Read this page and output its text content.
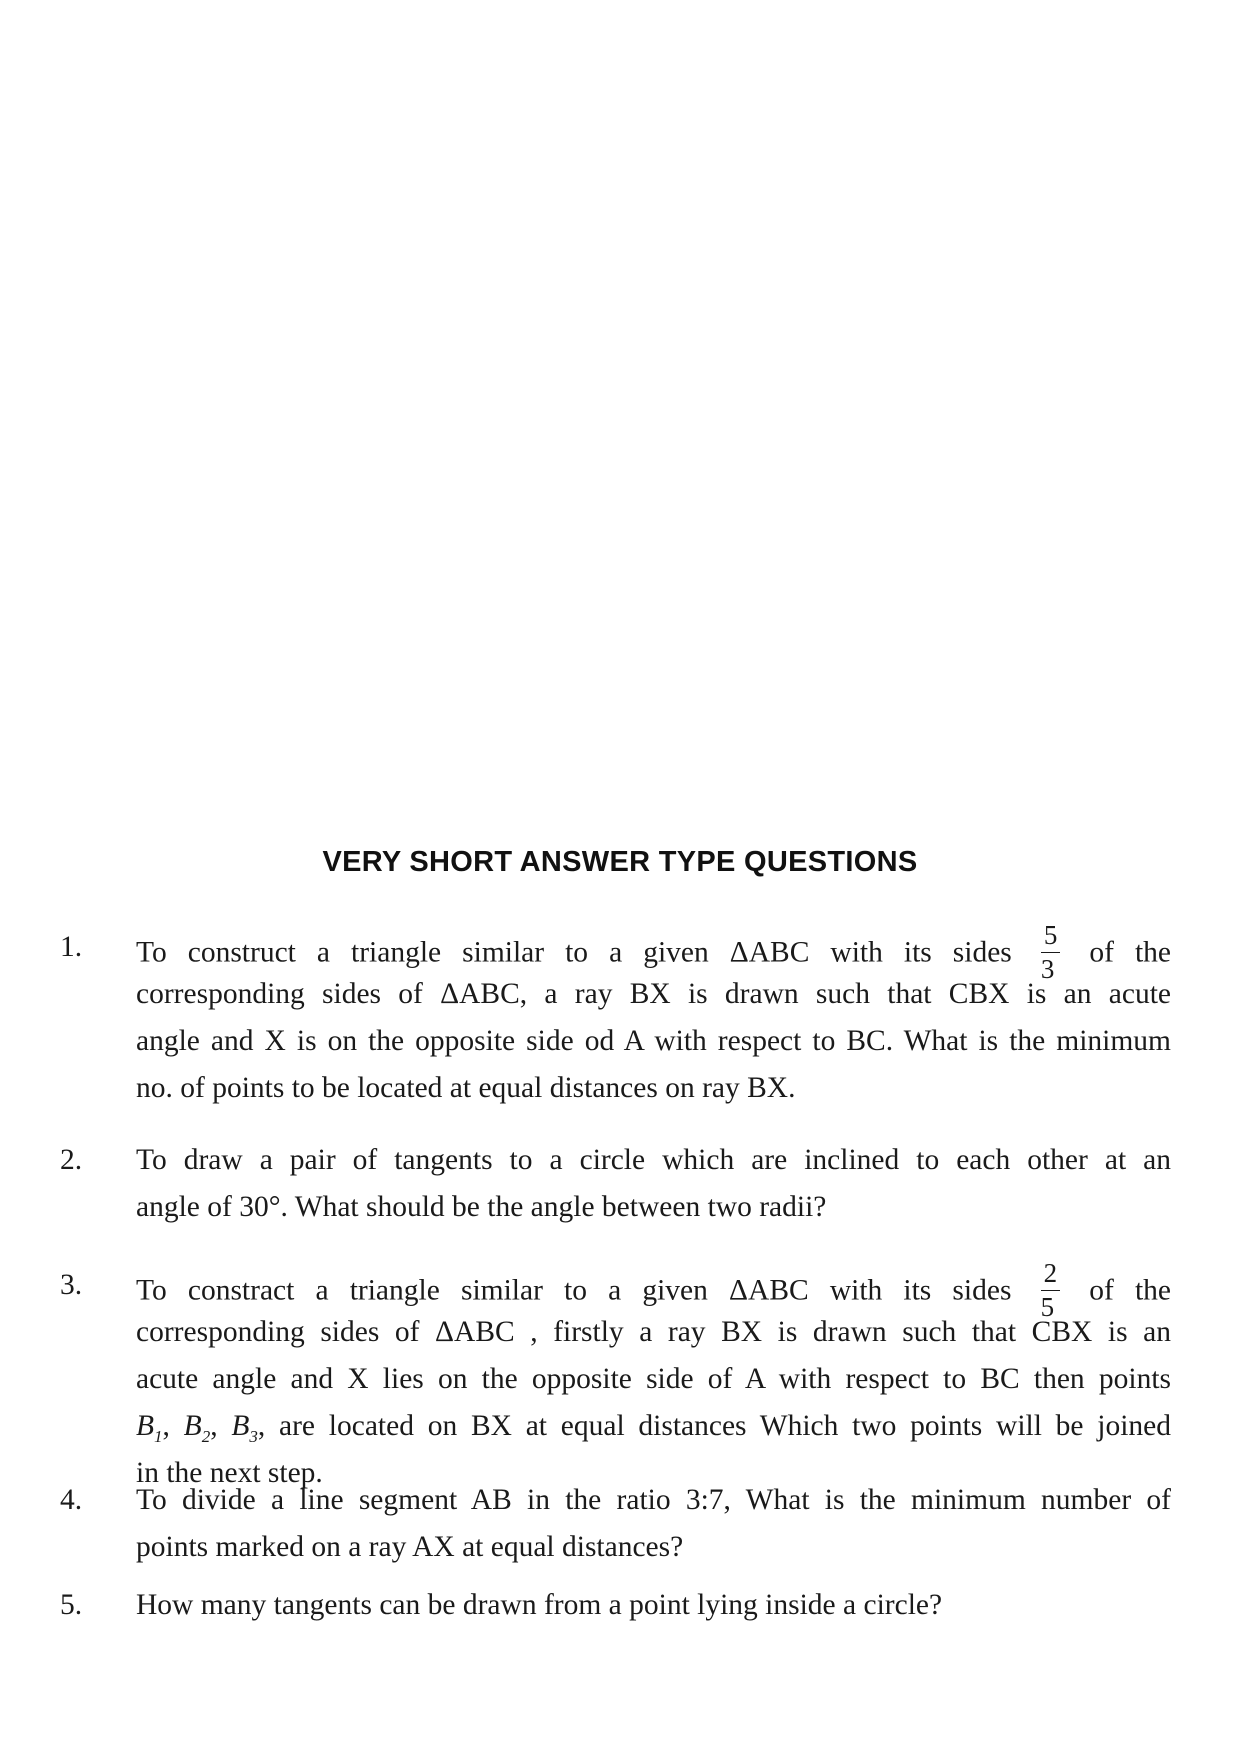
VERY SHORT ANSWER TYPE QUESTIONS
1. To construct a triangle similar to a given ΔABC with its sides $\frac{5}{3}$ of the
corresponding sides of ΔABC, a ray BX is drawn such that CBX is an acute
angle and X is on the opposite side od A with respect to BC. What is the minimum
no. of points to be located at equal distances on ray BX.
2. To draw a pair of tangents to a circle which are inclined to each other at an
angle of 30°. What should be the angle between two radii?
3. To constract a triangle similar to a given ΔABC with its sides $\frac{2}{5}$ of the
corresponding sides of ΔABC , firstly a ray BX is drawn such that CBX is an
acute angle and X lies on the opposite side of A with respect to BC then points
$B_1$, $B_2$, $B_3$, are located on BX at equal distances Which two points will be joined
in the next step.
4. To divide a line segment AB in the ratio 3:7, What is the minimum number of
points marked on a ray AX at equal distances?
5. How many tangents can be drawn from a point lying inside a circle?
